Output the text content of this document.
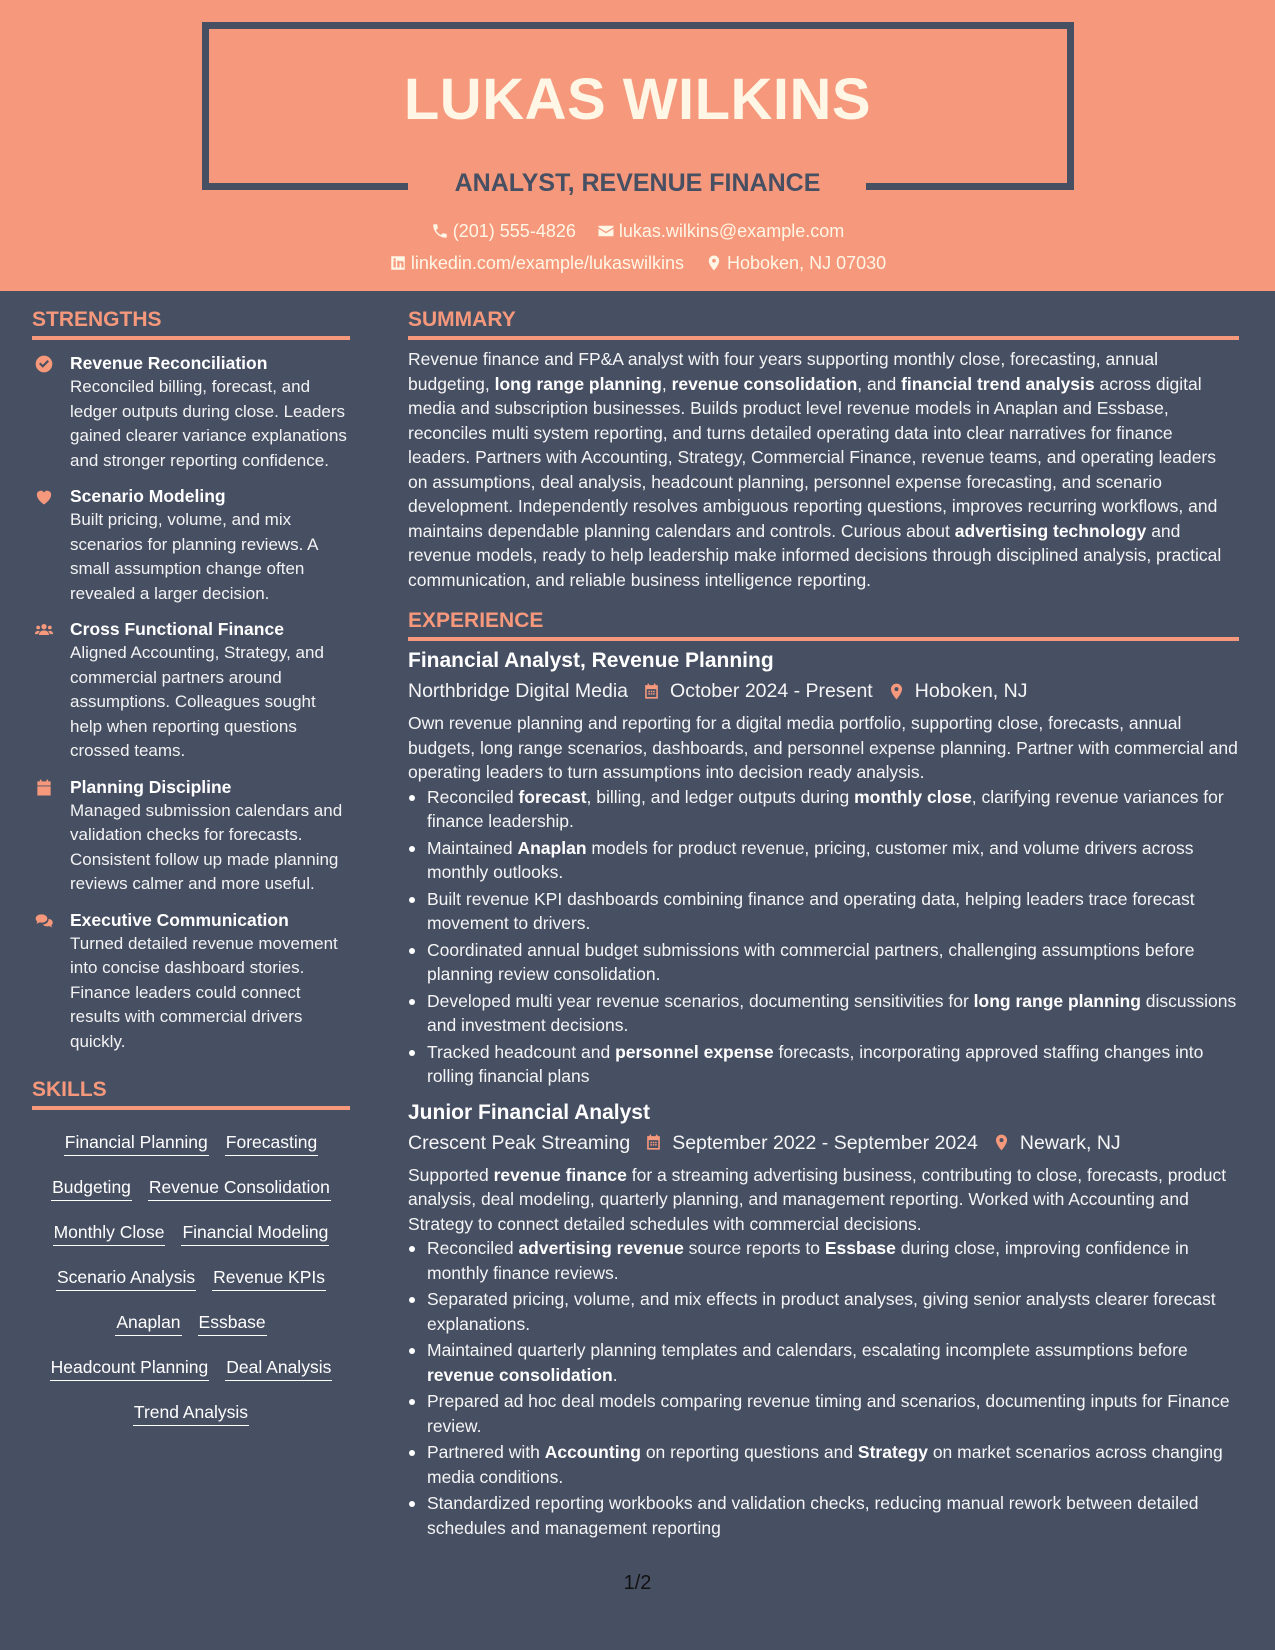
LUKAS WILKINS
ANALYST, REVENUE FINANCE
(201) 555-4826
lukas.wilkins@example.com
linkedin.com/example/lukaswilkins
Hoboken, NJ 07030
STRENGTHS
Revenue Reconciliation
Reconciled billing, forecast, and ledger outputs during close. Leaders gained clearer variance explanations and stronger reporting confidence.
Scenario Modeling
Built pricing, volume, and mix scenarios for planning reviews. A small assumption change often revealed a larger decision.
Cross Functional Finance
Aligned Accounting, Strategy, and commercial partners around assumptions. Colleagues sought help when reporting questions crossed teams.
Planning Discipline
Managed submission calendars and validation checks for forecasts. Consistent follow up made planning reviews calmer and more useful.
Executive Communication
Turned detailed revenue movement into concise dashboard stories. Finance leaders could connect results with commercial drivers quickly.
SKILLS
Financial Planning Forecasting
Budgeting Revenue Consolidation
Monthly Close Financial Modeling
Scenario Analysis Revenue KPIs
Anaplan Essbase
Headcount Planning Deal Analysis
Trend Analysis
SUMMARY

Revenue finance and FP&A analyst with four years supporting monthly close, forecasting, annual budgeting, long range planning, revenue consolidation, and financial trend analysis across digital media and subscription businesses. Builds product level revenue models in Anaplan and Essbase, reconciles multi system reporting, and turns detailed operating data into clear narratives for finance leaders. Partners with Accounting, Strategy, Commercial Finance, revenue teams, and operating leaders on assumptions, deal analysis, headcount planning, personnel expense forecasting, and scenario development. Independently resolves ambiguous reporting questions, improves recurring workflows, and maintains dependable planning calendars and controls. Curious about advertising technology and revenue models, ready to help leadership make informed decisions through disciplined analysis, practical communication, and reliable business intelligence reporting.

EXPERIENCE
Financial Analyst, Revenue Planning
Northbridge Digital Media October 2024 - Present Hoboken, NJ

Own revenue planning and reporting for a digital media portfolio, supporting close, forecasts, annual budgets, long range scenarios, dashboards, and personnel expense planning. Partner with commercial and operating leaders to turn assumptions into decision ready analysis.

Reconciled forecast, billing, and ledger outputs during monthly close, clarifying revenue variances for finance leadership.
Maintained Anaplan models for product revenue, pricing, customer mix, and volume drivers across monthly outlooks.
Built revenue KPI dashboards combining finance and operating data, helping leaders trace forecast movement to drivers.
Coordinated annual budget submissions with commercial partners, challenging assumptions before planning review consolidation.
Developed multi year revenue scenarios, documenting sensitivities for long range planning discussions and investment decisions.
Tracked headcount and personnel expense forecasts, incorporating approved staffing changes into rolling financial plans
Junior Financial Analyst
Crescent Peak Streaming September 2022 - September 2024 Newark, NJ

Supported revenue finance for a streaming advertising business, contributing to close, forecasts, product analysis, deal modeling, quarterly planning, and management reporting. Worked with Accounting and Strategy to connect detailed schedules with commercial decisions.

Reconciled advertising revenue source reports to Essbase during close, improving confidence in monthly finance reviews.
Separated pricing, volume, and mix effects in product analyses, giving senior analysts clearer forecast explanations.
Maintained quarterly planning templates and calendars, escalating incomplete assumptions before revenue consolidation.
Prepared ad hoc deal models comparing revenue timing and scenarios, documenting inputs for Finance review.
Partnered with Accounting on reporting questions and Strategy on market scenarios across changing media conditions.
Standardized reporting workbooks and validation checks, reducing manual rework between detailed schedules and management reporting
1/2
